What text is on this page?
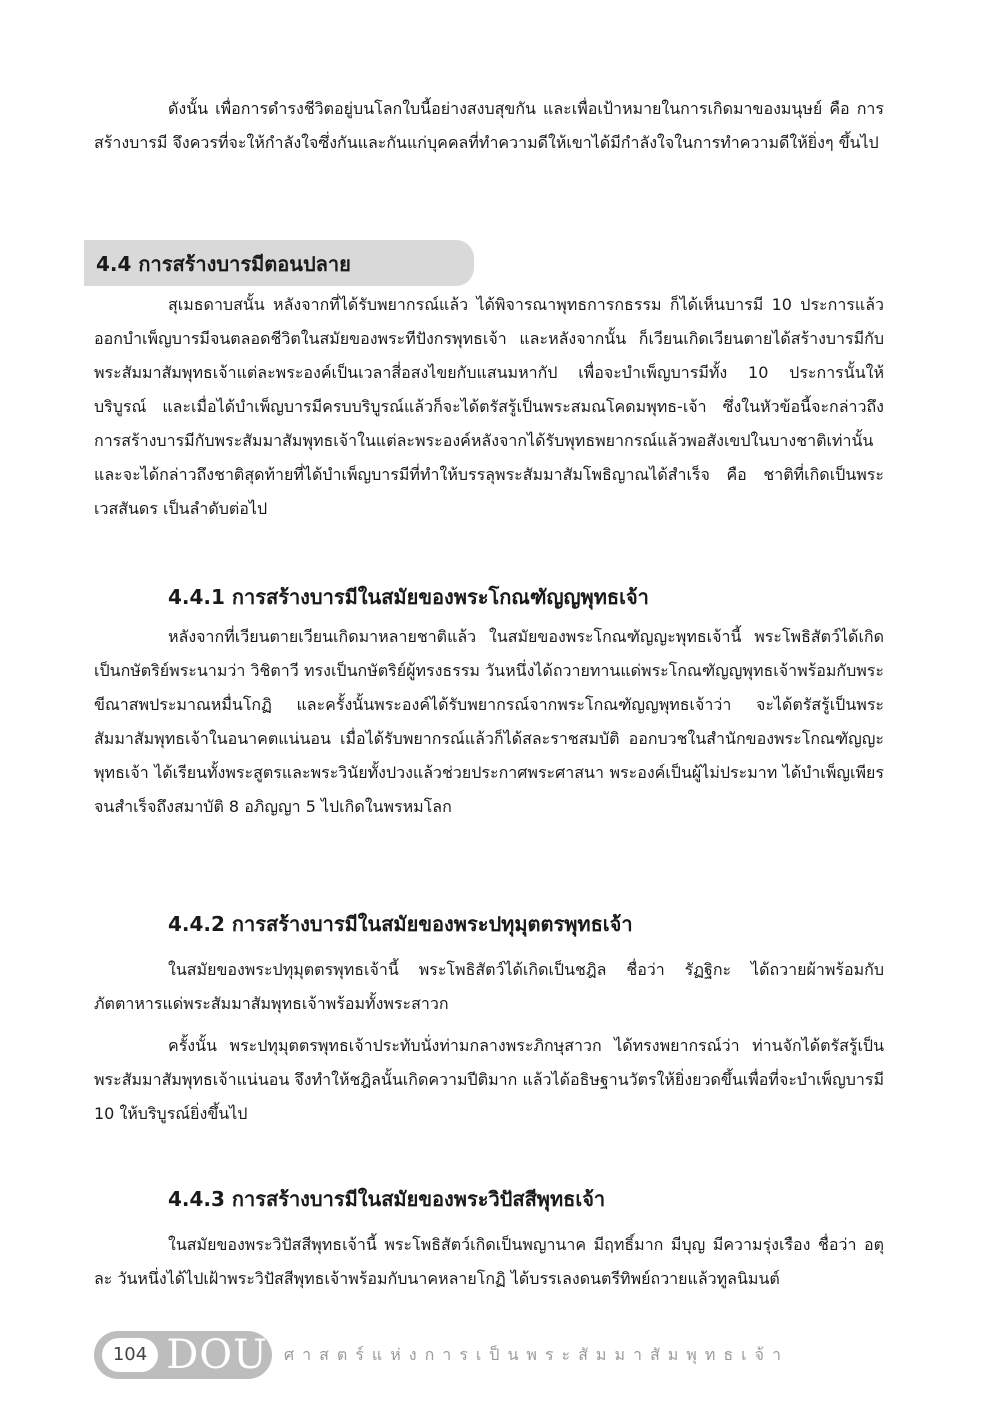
ดังนั้น เพื่อการดำรงชีวิตอยู่บนโลกใบนี้อย่างสงบสุขกัน และเพื่อเป้าหมายในการเกิดมาของมนุษย์ คือ การสร้างบารมี จึงควรที่จะให้กำลังใจซึ่งกันและกันแก่บุคคลที่ทำความดีให้เขาได้มีกำลังใจในการทำความดีให้ยิ่งๆ ขึ้นไป

4.4 การสร้างบารมีตอนปลาย

สุเมธดาบสนั้น หลังจากที่ได้รับพยากรณ์แล้ว ได้พิจารณาพุทธการกธรรม ก็ได้เห็นบารมี 10 ประการแล้ว ออกบำเพ็ญบารมีจนตลอดชีวิตในสมัยของพระทีปังกรพุทธเจ้า และหลังจากนั้น ก็เวียนเกิดเวียนตายได้สร้างบารมีกับพระสัมมาสัมพุทธเจ้าแต่ละพระองค์เป็นเวลาสี่อสงไขยกับแสนมหากัป เพื่อจะบำเพ็ญบารมีทั้ง 10 ประการนั้นให้บริบูรณ์ และเมื่อได้บำเพ็ญบารมีครบบริบูรณ์แล้วก็จะได้ตรัสรู้เป็นพระสมณโคดมพุทธ-เจ้า ซึ่งในหัวข้อนี้จะกล่าวถึงการสร้างบารมีกับพระสัมมาสัมพุทธเจ้าในแต่ละพระองค์หลังจากได้รับพุทธพยากรณ์แล้วพอสังเขปในบางชาติเท่านั้น และจะได้กล่าวถึงชาติสุดท้ายที่ได้บำเพ็ญบารมีที่ทำให้บรรลุพระสัมมาสัมโพธิญาณได้สำเร็จ คือ ชาติที่เกิดเป็นพระเวสสันดร เป็นลำดับต่อไป

4.4.1 การสร้างบารมีในสมัยของพระโกณฑัญญพุทธเจ้า

หลังจากที่เวียนตายเวียนเกิดมาหลายชาติแล้ว ในสมัยของพระโกณฑัญญะพุทธเจ้านี้ พระโพธิสัตว์ได้เกิดเป็นกษัตริย์พระนามว่า วิชิตาวี ทรงเป็นกษัตริย์ผู้ทรงธรรม วันหนึ่งได้ถวายทานแด่พระโกณฑัญญพุทธเจ้าพร้อมกับพระขีณาสพประมาณหมื่นโกฏิ และครั้งนั้นพระองค์ได้รับพยากรณ์จากพระโกณฑัญญพุทธเจ้าว่า จะได้ตรัสรู้เป็นพระสัมมาสัมพุทธเจ้าในอนาคตแน่นอน เมื่อได้รับพยากรณ์แล้วก็ได้สละราชสมบัติ ออกบวชในสำนักของพระโกณฑัญญะพุทธเจ้า ได้เรียนทั้งพระสูตรและพระวินัยทั้งปวงแล้วช่วยประกาศพระศาสนา พระองค์เป็นผู้ไม่ประมาท ได้บำเพ็ญเพียรจนสำเร็จถึงสมาบัติ 8 อภิญญา 5 ไปเกิดในพรหมโลก

4.4.2 การสร้างบารมีในสมัยของพระปทุมุตตรพุทธเจ้า

ในสมัยของพระปทุมุตตรพุทธเจ้านี้ พระโพธิสัตว์ได้เกิดเป็นชฎิล ชื่อว่า รัฏฐิกะ ได้ถวายผ้าพร้อมกับภัตตาหารแด่พระสัมมาสัมพุทธเจ้าพร้อมทั้งพระสาวก

ครั้งนั้น พระปทุมุตตรพุทธเจ้าประทับนั่งท่ามกลางพระภิกษุสาวก ได้ทรงพยากรณ์ว่า ท่านจักได้ตรัสรู้เป็นพระสัมมาสัมพุทธเจ้าแน่นอน จึงทำให้ชฎิลนั้นเกิดความปีติมาก แล้วได้อธิษฐานวัตรให้ยิ่งยวดขึ้นเพื่อที่จะบำเพ็ญบารมี 10 ให้บริบูรณ์ยิ่งขึ้นไป

4.4.3 การสร้างบารมีในสมัยของพระวิปัสสีพุทธเจ้า

ในสมัยของพระวิปัสสีพุทธเจ้านี้ พระโพธิสัตว์เกิดเป็นพญานาค มีฤทธิ์มาก มีบุญ มีความรุ่งเรือง ชื่อว่า อตุละ วันหนึ่งได้ไปเฝ้าพระวิปัสสีพุทธเจ้าพร้อมกับนาคหลายโกฏิ ได้บรรเลงดนตรีทิพย์ถวายแล้วทูลนิมนต์

104 DOU ศาสตร์แห่งการเป็นพระสัมมาสัมพุทธเจ้า
